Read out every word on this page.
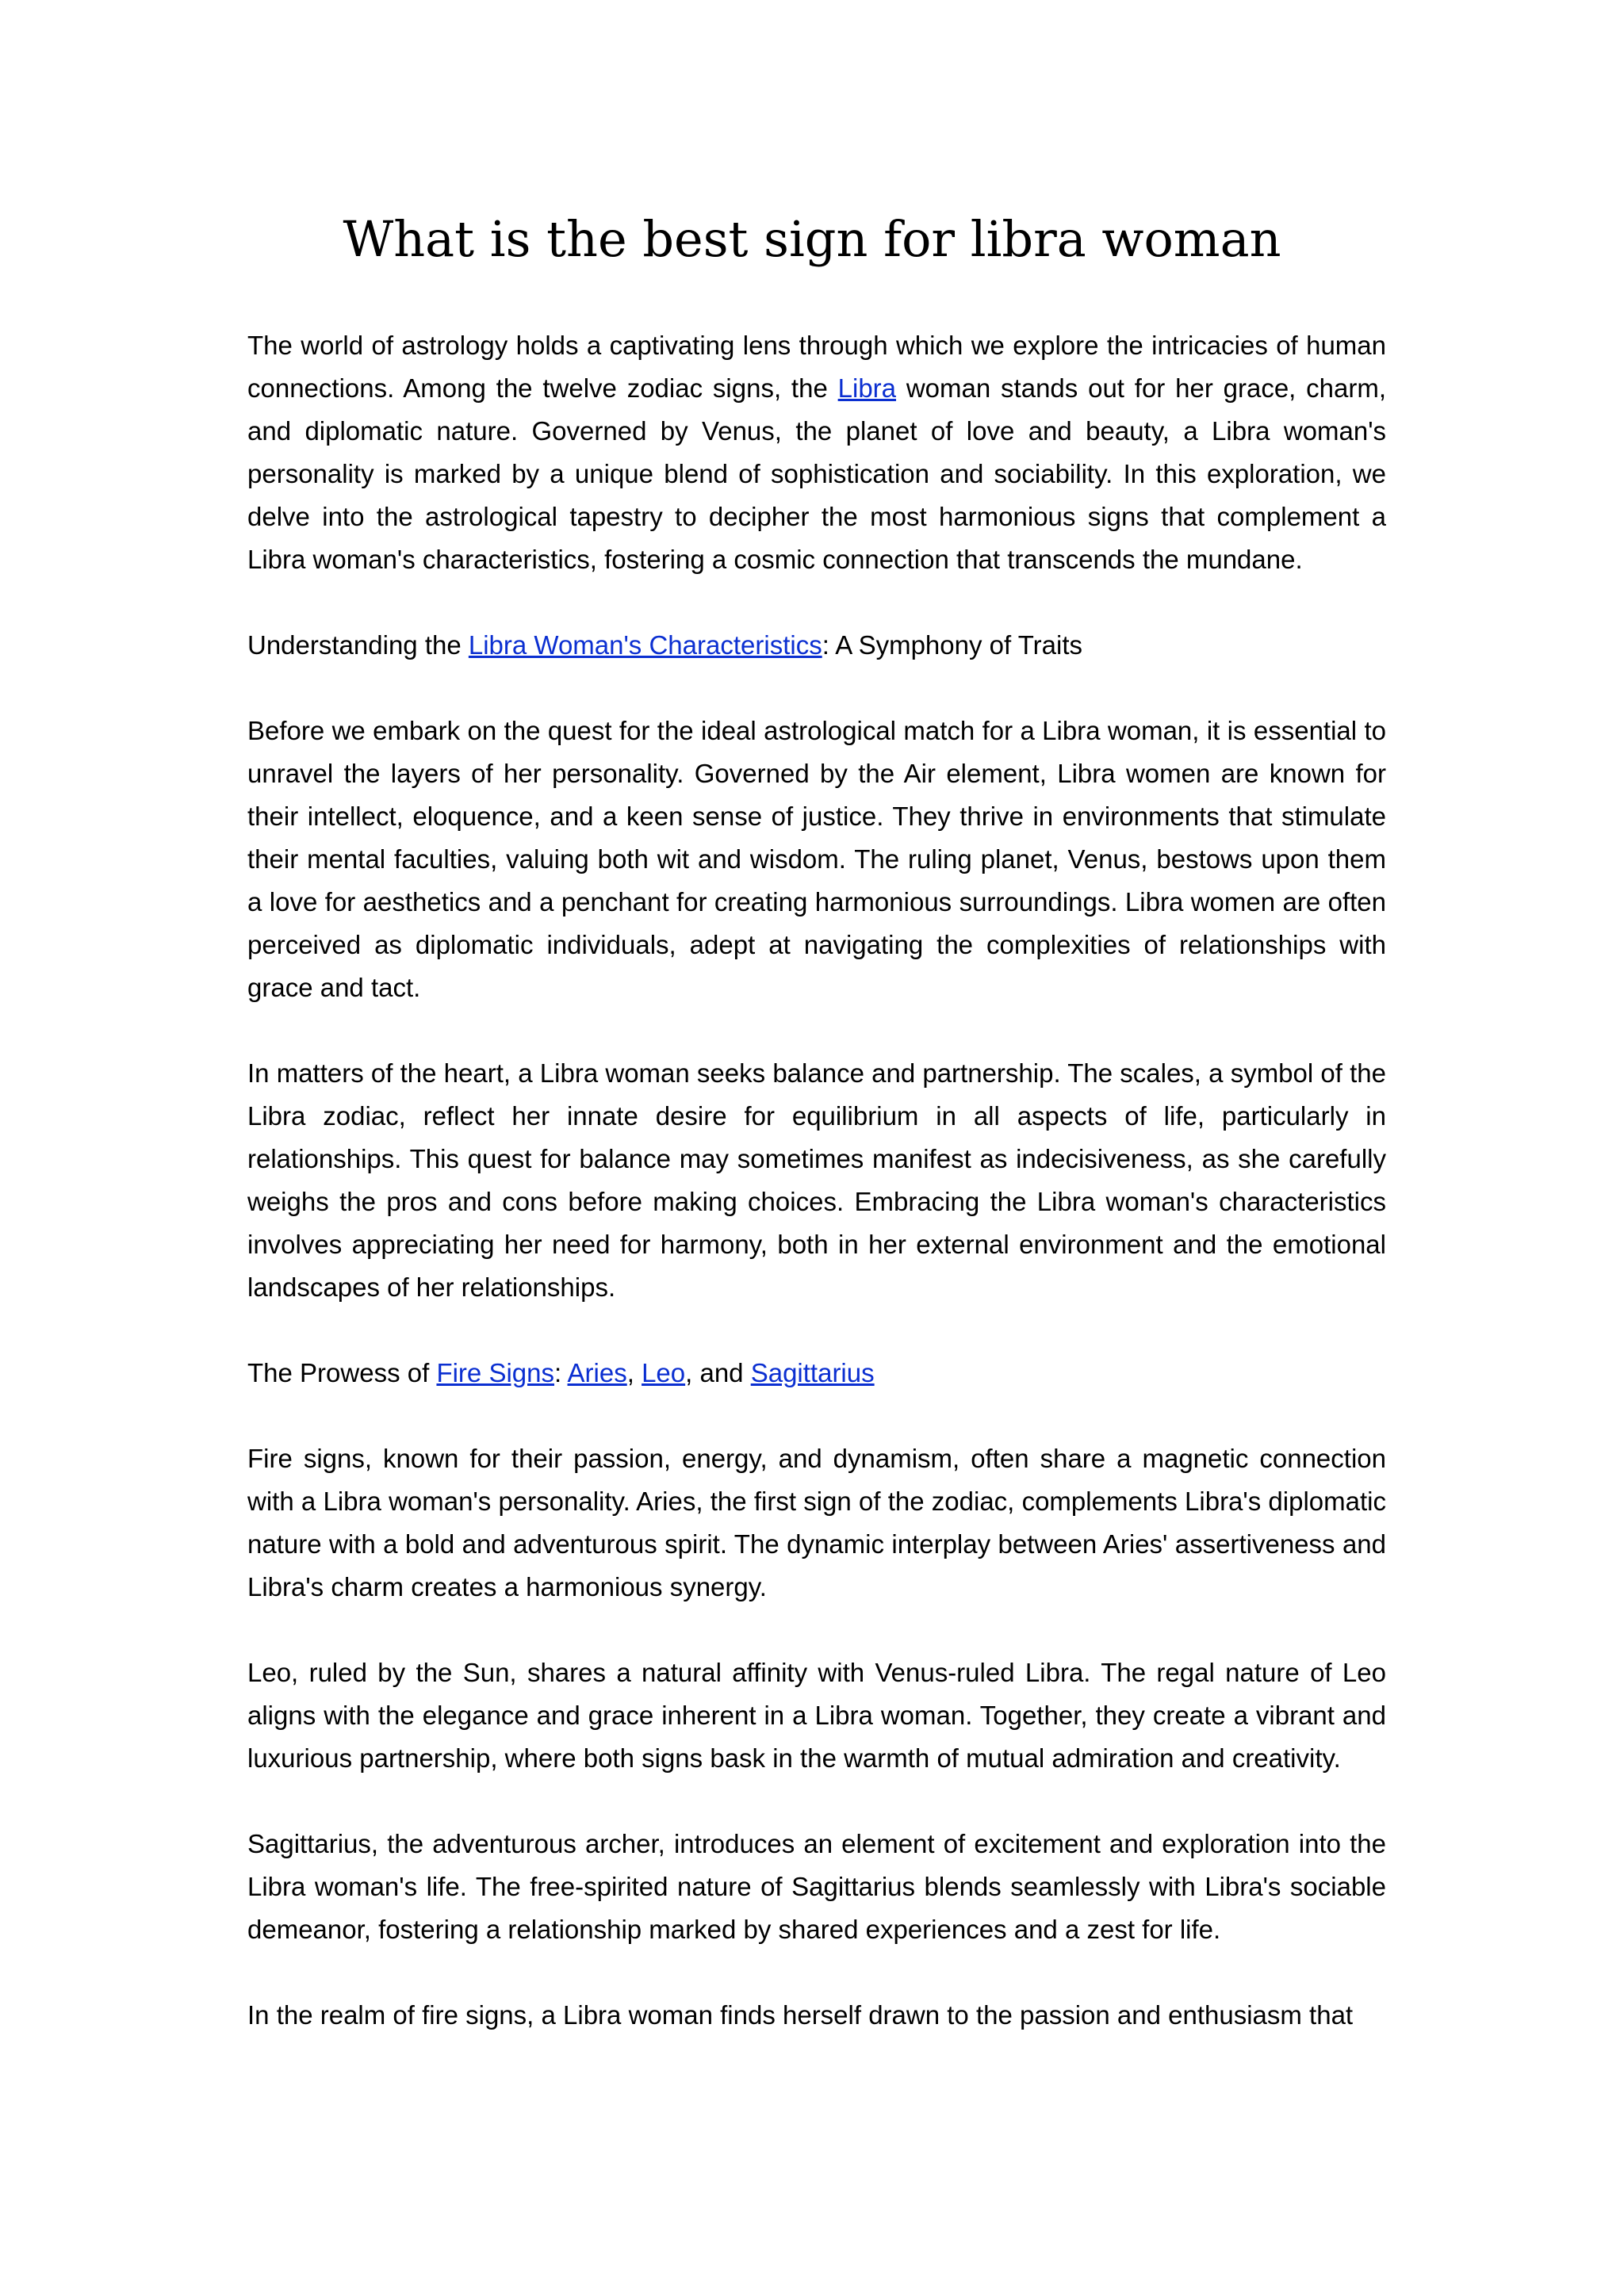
What is the best sign for libra woman

The world of astrology holds a captivating lens through which we explore the intricacies of human connections. Among the twelve zodiac signs, the Libra woman stands out for her grace, charm, and diplomatic nature. Governed by Venus, the planet of love and beauty, a Libra woman's personality is marked by a unique blend of sophistication and sociability. In this exploration, we delve into the astrological tapestry to decipher the most harmonious signs that complement a Libra woman's characteristics, fostering a cosmic connection that transcends the mundane.

Understanding the Libra Woman's Characteristics: A Symphony of Traits

Before we embark on the quest for the ideal astrological match for a Libra woman, it is essential to unravel the layers of her personality. Governed by the Air element, Libra women are known for their intellect, eloquence, and a keen sense of justice. They thrive in environments that stimulate their mental faculties, valuing both wit and wisdom. The ruling planet, Venus, bestows upon them a love for aesthetics and a penchant for creating harmonious surroundings. Libra women are often perceived as diplomatic individuals, adept at navigating the complexities of relationships with grace and tact.

In matters of the heart, a Libra woman seeks balance and partnership. The scales, a symbol of the Libra zodiac, reflect her innate desire for equilibrium in all aspects of life, particularly in relationships. This quest for balance may sometimes manifest as indecisiveness, as she carefully weighs the pros and cons before making choices. Embracing the Libra woman's characteristics involves appreciating her need for harmony, both in her external environment and the emotional landscapes of her relationships.

The Prowess of Fire Signs: Aries, Leo, and Sagittarius

Fire signs, known for their passion, energy, and dynamism, often share a magnetic connection with a Libra woman's personality. Aries, the first sign of the zodiac, complements Libra's diplomatic nature with a bold and adventurous spirit. The dynamic interplay between Aries' assertiveness and Libra's charm creates a harmonious synergy.

Leo, ruled by the Sun, shares a natural affinity with Venus-ruled Libra. The regal nature of Leo aligns with the elegance and grace inherent in a Libra woman. Together, they create a vibrant and luxurious partnership, where both signs bask in the warmth of mutual admiration and creativity.

Sagittarius, the adventurous archer, introduces an element of excitement and exploration into the Libra woman's life. The free-spirited nature of Sagittarius blends seamlessly with Libra's sociable demeanor, fostering a relationship marked by shared experiences and a zest for life.

In the realm of fire signs, a Libra woman finds herself drawn to the passion and enthusiasm that
